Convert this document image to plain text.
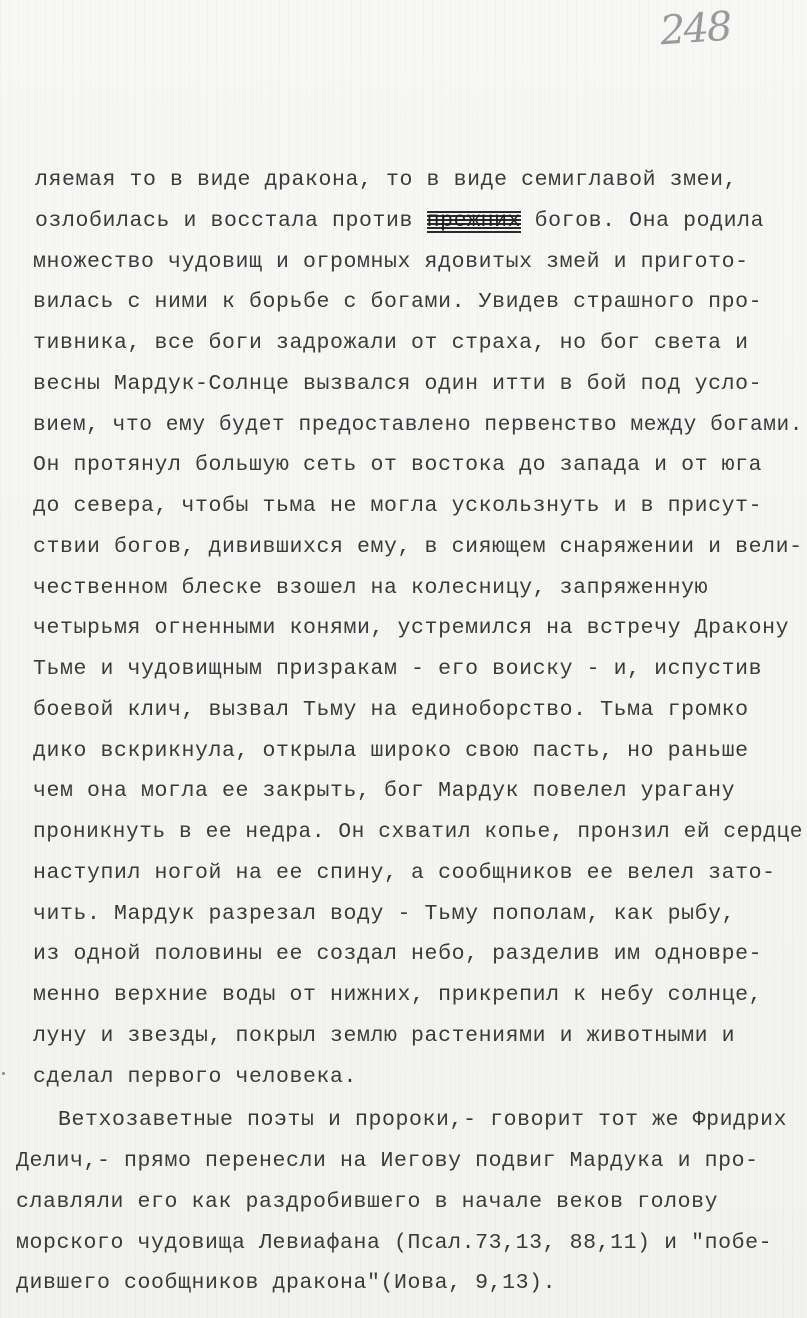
248
ляемая то в виде дракона, то в виде семиглавой змеи,
озлобилась и восстала против прежних богов. Она родила
множество чудовищ и огромных ядовитых змей и пригото-
вилась с ними к борьбе с богами. Увидев страшного про-
тивника, все боги задрожали от страха, но бог света и
весны Мардук-Солнце вызвался один итти в бой под усло-
вием, что ему будет предоставлено первенство между богами.
Он протянул большую сеть от востока до запада и от юга
до севера, чтобы тьма не могла ускользнуть и в присут-
ствии богов, дивившихся ему, в сияющем снаряжении и вели-
чественном блеске взошел на колесницу, запряженную
четырьмя огненными конями, устремился на встречу Дракону
Тьме и чудовищным призракам - его воиску - и, испустив
боевой клич, вызвал Тьму на единоборство. Тьма громко
дико вскрикнула, открыла широко свою пасть, но раньше
чем она могла ее закрыть, бог Мардук повелел урагану
проникнуть в ее недра. Он схватил копье, пронзил ей сердце
наступил ногой на ее спину, а сообщников ее велел зато-
чить. Мардук разрезал воду - Тьму пополам, как рыбу,
из одной половины ее создал небо, разделив им одновре-
менно верхние воды от нижних, прикрепил к небу солнце,
луну и звезды, покрыл землю растениями и животными и
сделал первого человека.
Ветхозаветные поэты и пророки,- говорит тот же Фридрих
Делич,- прямо перенесли на Иегову подвиг Мардука и про-
славляли его как раздробившего в начале веков голову
морского чудовища Левиафана (Псал.73,13, 88,11) и "побе-
дившего сообщников дракона"(Иова, 9,13).
